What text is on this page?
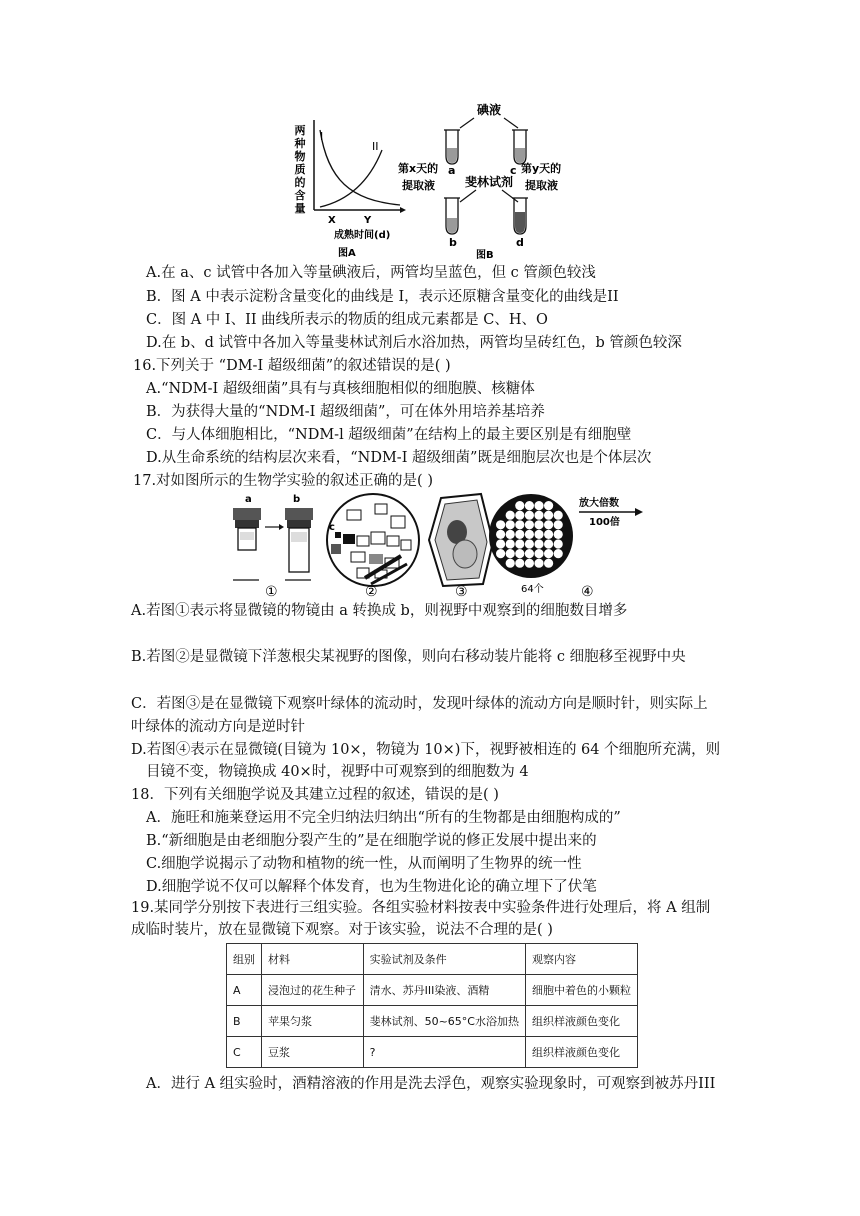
两
种
物
质
的
含
量
I
II
X	Y
成熟时间(d)
图A
碘液
a	c
第x天的
提取液
第y天的
提取液
斐林试剂
b	d
图B
A.在 a、c 试管中各加入等量碘液后，两管均呈蓝色，但 c 管颜色较浅
B．图 A 中表示淀粉含量变化的曲线是 I，表示还原糖含量变化的曲线是II
C．图 A 中 I、II 曲线所表示的物质的组成元素都是 C、H、O
D.在 b、d 试管中各加入等量斐林试剂后水浴加热，两管均呈砖红色，b 管颜色较深
16.下列关于 “DM-I 超级细菌”的叙述错误的是( )
A.“NDM-I 超级细菌”具有与真核细胞相似的细胞膜、核糖体
B．为获得大量的“NDM-I 超级细菌”，可在体外用培养基培养
C．与人体细胞相比，“NDM-l 超级细菌”在结构上的最主要区别是有细胞壁
D.从生命系统的结构层次来看，“NDM-I 超级细菌”既是细胞层次也是个体层次
17.对如图所示的生物学实验的叙述正确的是( )
a	b
①
c
②	③	64个
放大倍数
100倍
④
A.若图①表示将显微镜的物镜由 a 转换成 b，则视野中观察到的细胞数目增多
B.若图②是显微镜下洋葱根尖某视野的图像，则向右移动装片能将 c 细胞移至视野中央
C．若图③是在显微镜下观察叶绿体的流动时，发现叶绿体的流动方向是顺时针，则实际上
叶绿体的流动方向是逆时针
D.若图④表示在显微镜(目镜为 10×，物镜为 10×)下，视野被相连的 64 个细胞所充满，则
目镜不变，物镜换成 40×时，视野中可观察到的细胞数为 4
18．下列有关细胞学说及其建立过程的叙述，错误的是( )
A．施旺和施莱登运用不完全归纳法归纳出“所有的生物都是由细胞构成的”
B.“新细胞是由老细胞分裂产生的”是在细胞学说的修正发展中提出来的
C.细胞学说揭示了动物和植物的统一性，从而阐明了生物界的统一性
D.细胞学说不仅可以解释个体发育，也为生物进化论的确立埋下了伏笔
19.某同学分别按下表进行三组实验。各组实验材料按表中实验条件进行处理后，将 A 组制
成临时装片，放在显微镜下观察。对于该实验，说法不合理的是( )
组别	材料	实验试剂及条件	观察内容
A	浸泡过的花生种子	清水、苏丹III染液、酒精	细胞中着色的小颗粒
B	苹果匀浆	斐林试剂、50~65°C水浴加热	组织样液颜色变化
C	豆浆	?	组织样液颜色变化
A．进行 A 组实验时，酒精溶液的作用是洗去浮色，观察实验现象时，可观察到被苏丹III
